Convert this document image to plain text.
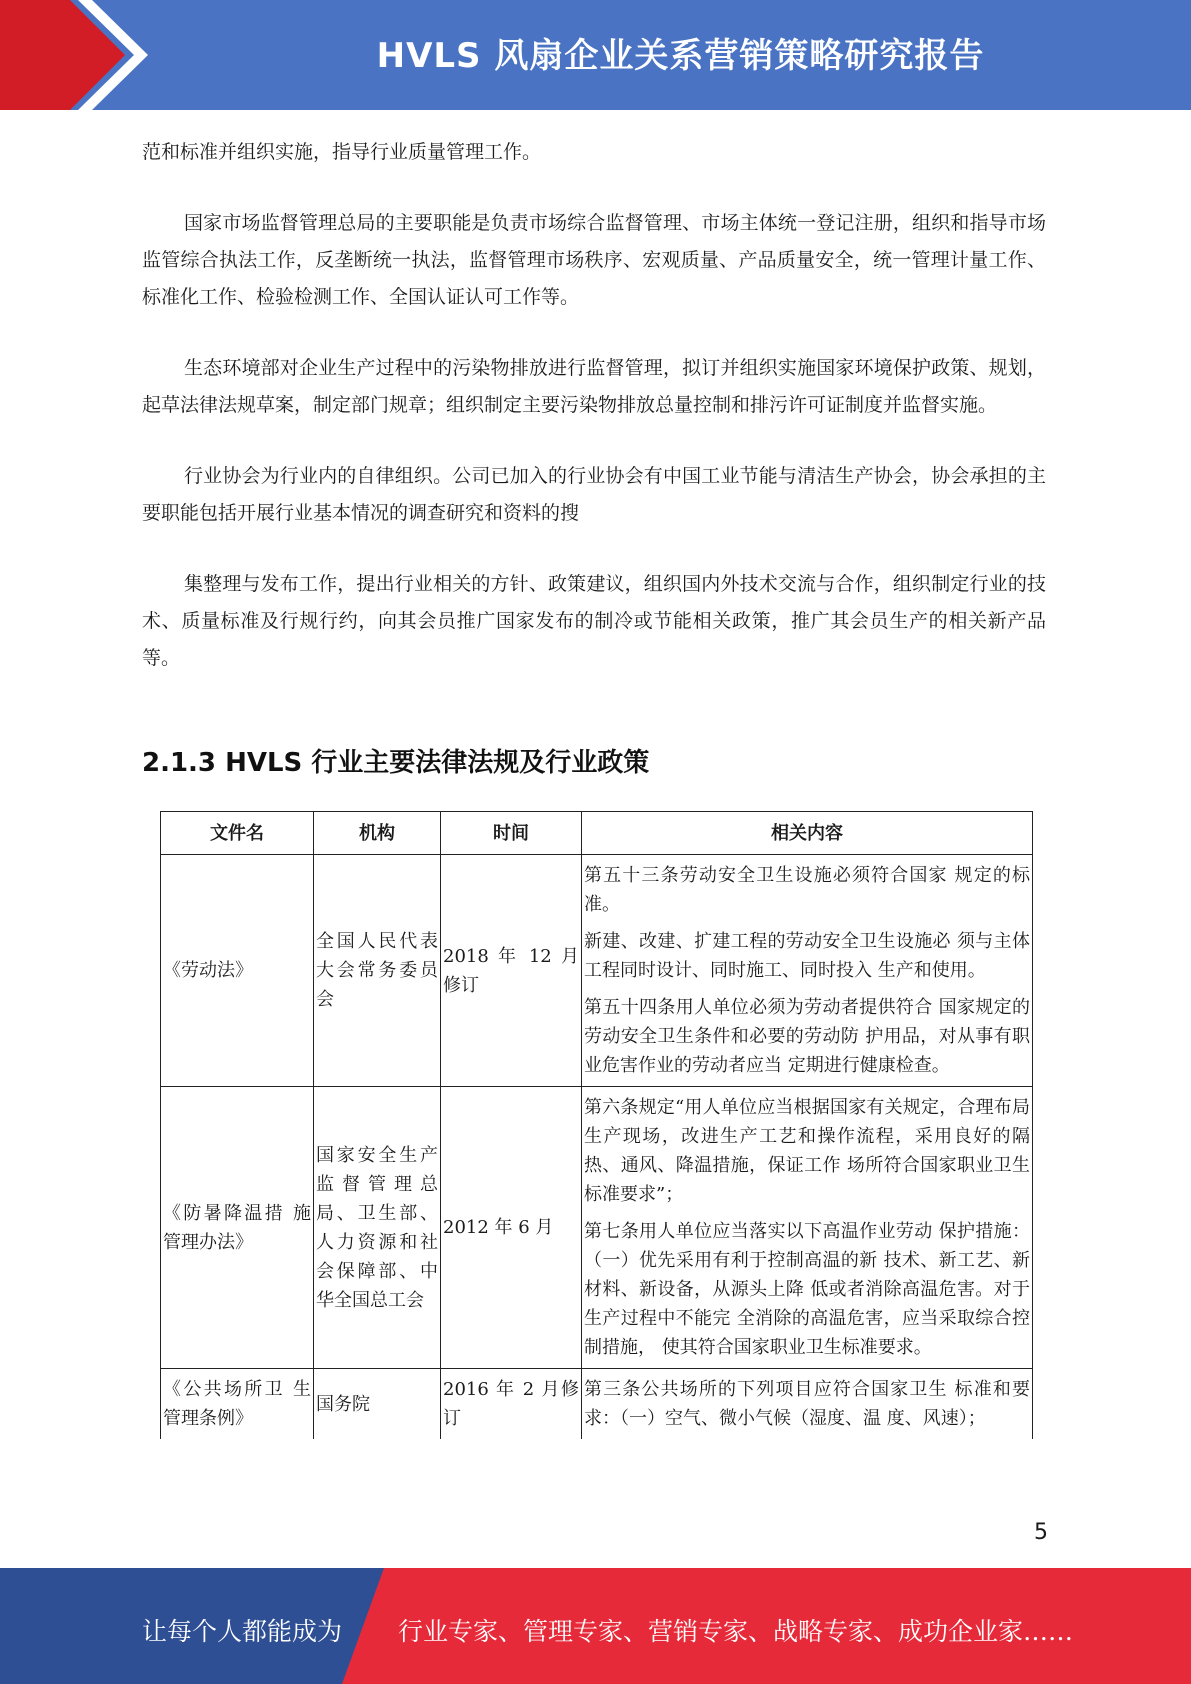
HVLS 风扇企业关系营销策略研究报告

范和标准并组织实施，指导行业质量管理工作。

国家市场监督管理总局的主要职能是负责市场综合监督管理、市场主体统一登记注册，组织和指导市场监管综合执法工作，反垄断统一执法，监督管理市场秩序、宏观质量、产品质量安全，统一管理计量工作、标准化工作、检验检测工作、全国认证认可工作等。

生态环境部对企业生产过程中的污染物排放进行监督管理，拟订并组织实施国家环境保护政策、规划，起草法律法规草案，制定部门规章；组织制定主要污染物排放总量控制和排污许可证制度并监督实施。

行业协会为行业内的自律组织。公司已加入的行业协会有中国工业节能与清洁生产协会，协会承担的主要职能包括开展行业基本情况的调查研究和资料的搜

集整理与发布工作，提出行业相关的方针、政策建议，组织国内外技术交流与合作，组织制定行业的技术、质量标准及行规行约，向其会员推广国家发布的制冷或节能相关政策，推广其会员生产的相关新产品等。

2.1.3 HVLS 行业主要法律法规及行业政策
文件名	机构	时间	相关内容
《劳动法》	全国人民代表大会常务委员会	2018 年 12 月修订	第五十三条劳动安全卫生设施必须符合国家 规定的标准。

新建、改建、扩建工程的劳动安全卫生设施必 须与主体工程同时设计、同时施工、同时投入 生产和使用。

第五十四条用人单位必须为劳动者提供符合 国家规定的劳动安全卫生条件和必要的劳动防 护用品，对从事有职业危害作业的劳动者应当 定期进行健康检查。

《防暑降温措 施管理办法》	国家安全生产监督管理总局、卫生部、人力资源和社会保障部、中华全国总工会	2012 年 6 月	第六条规定“用人单位应当根据国家有关规定，合理布局生产现场，改进生产工艺和操作流程，采用良好的隔热、通风、降温措施，保证工作 场所符合国家职业卫生标准要求”；

第七条用人单位应当落实以下高温作业劳动 保护措施：（一）优先采用有利于控制高温的新 技术、新工艺、新材料、新设备，从源头上降 低或者消除高温危害。对于生产过程中不能完 全消除的高温危害，应当采取综合控制措施， 使其符合国家职业卫生标准要求。

《公共场所卫 生管理条例》	国务院	2016 年 2 月修订	第三条公共场所的下列项目应符合国家卫生 标准和要求：（一）空气、微小气候（湿度、温 度、风速）；

5
让每个人都能成为 行业专家、管理专家、营销专家、战略专家、成功企业家……
